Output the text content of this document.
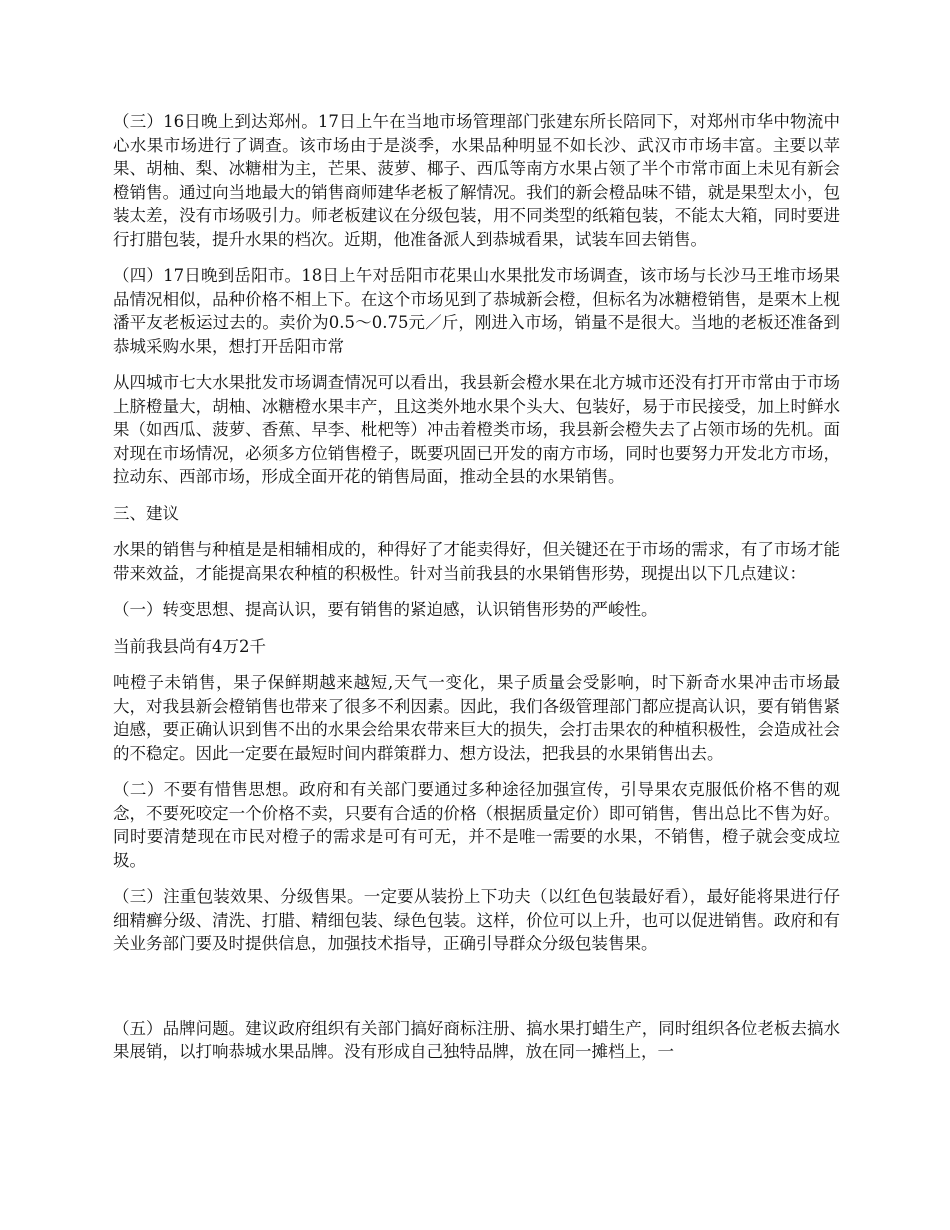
（三）16日晚上到达郑州。17日上午在当地市场管理部门张建东所长陪同下，对郑州市华中物流中心水果市场进行了调查。该市场由于是淡季，水果品种明显不如长沙、武汉市市场丰富。主要以苹果、胡柚、梨、冰糖柑为主，芒果、菠萝、椰子、西瓜等南方水果占领了半个市常市面上未见有新会橙销售。通过向当地最大的销售商师建华老板了解情况。我们的新会橙品味不错，就是果型太小，包装太差，没有市场吸引力。师老板建议在分级包装，用不同类型的纸箱包装，不能太大箱，同时要进行打腊包装，提升水果的档次。近期，他准备派人到恭城看果，试装车回去销售。

（四）17日晚到岳阳市。18日上午对岳阳市花果山水果批发市场调查，该市场与长沙马王堆市场果品情况相似，品种价格不相上下。在这个市场见到了恭城新会橙，但标名为冰糖橙销售，是栗木上枧潘平友老板运过去的。卖价为0.5～0.75元／斤，刚进入市场，销量不是很大。当地的老板还准备到恭城采购水果，想打开岳阳市常

从四城市七大水果批发市场调查情况可以看出，我县新会橙水果在北方城市还没有打开市常由于市场上脐橙量大，胡柚、冰糖橙水果丰产，且这类外地水果个头大、包装好，易于市民接受，加上时鲜水果（如西瓜、菠萝、香蕉、早李、枇杷等）冲击着橙类市场，我县新会橙失去了占领市场的先机。面对现在市场情况，必须多方位销售橙子，既要巩固已开发的南方市场，同时也要努力开发北方市场，拉动东、西部市场，形成全面开花的销售局面，推动全县的水果销售。

三、建议

水果的销售与种植是是相辅相成的，种得好了才能卖得好，但关键还在于市场的需求，有了市场才能带来效益，才能提高果农种植的积极性。针对当前我县的水果销售形势，现提出以下几点建议：

（一）转变思想、提高认识，要有销售的紧迫感，认识销售形势的严峻性。

当前我县尚有4万2千

吨橙子未销售，果子保鲜期越来越短,天气一变化，果子质量会受影响，时下新奇水果冲击市场最大，对我县新会橙销售也带来了很多不利因素。因此，我们各级管理部门都应提高认识，要有销售紧迫感，要正确认识到售不出的水果会给果农带来巨大的损失，会打击果农的种植积极性，会造成社会的不稳定。因此一定要在最短时间内群策群力、想方设法，把我县的水果销售出去。

（二）不要有惜售思想。政府和有关部门要通过多种途径加强宣传，引导果农克服低价格不售的观念，不要死咬定一个价格不卖，只要有合适的价格（根据质量定价）即可销售，售出总比不售为好。同时要清楚现在市民对橙子的需求是可有可无，并不是唯一需要的水果，不销售，橙子就会变成垃圾。

（三）注重包装效果、分级售果。一定要从装扮上下功夫（以红色包装最好看），最好能将果进行仔细精癣分级、清洗、打腊、精细包装、绿色包装。这样，价位可以上升，也可以促进销售。政府和有关业务部门要及时提供信息，加强技术指导，正确引导群众分级包装售果。

（五）品牌问题。建议政府组织有关部门搞好商标注册、搞水果打蜡生产，同时组织各位老板去搞水果展销，以打响恭城水果品牌。没有形成自己独特品牌，放在同一摊档上，一
